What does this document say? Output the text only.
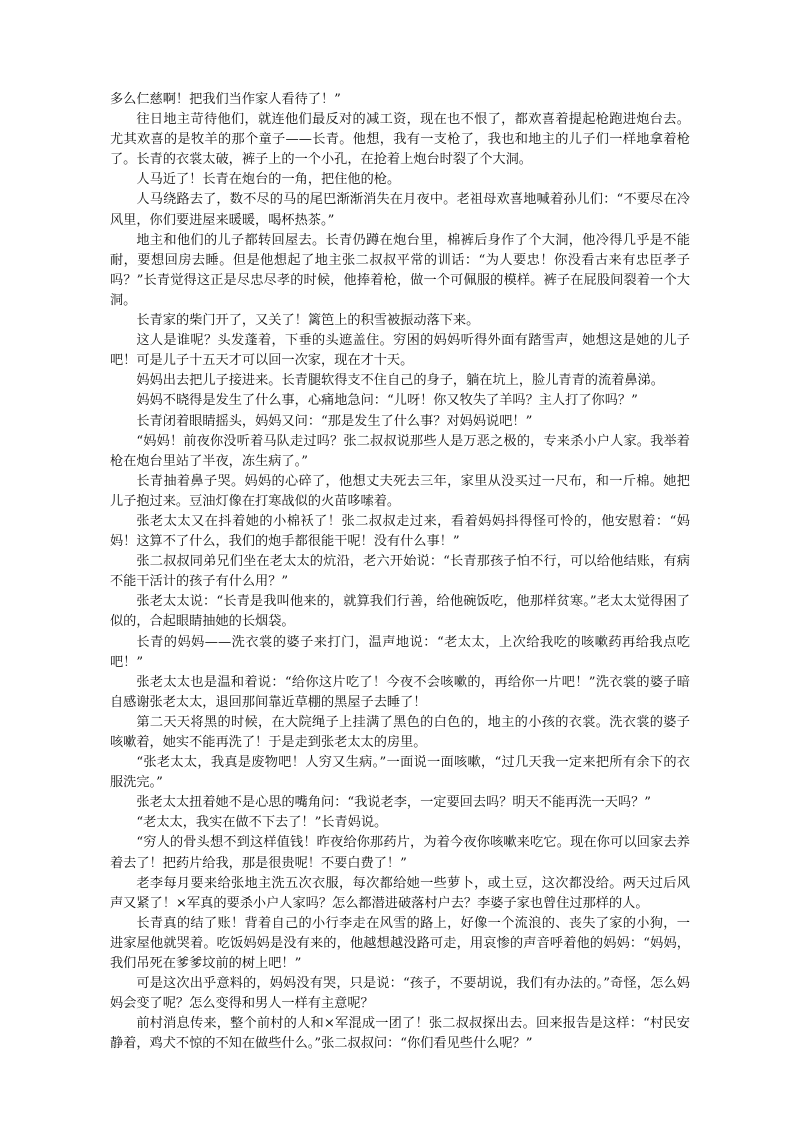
多么仁慈啊！把我们当作家人看待了！”

往日地主苛待他们，就连他们最反对的减工资，现在也不恨了，都欢喜着提起枪跑进炮台去。尤其欢喜的是牧羊的那个童子——长青。他想，我有一支枪了，我也和地主的儿子们一样地拿着枪了。长青的衣裳太破，裤子上的一个小孔，在抢着上炮台时裂了个大洞。

人马近了！长青在炮台的一角，把住他的枪。

人马绕路去了，数不尽的马的尾巴渐渐消失在月夜中。老祖母欢喜地喊着孙儿们：“不要尽在冷风里，你们要进屋来暖暖，喝杯热茶。”

地主和他们的儿子都转回屋去。长青仍蹲在炮台里，棉裤后身作了个大洞，他冷得几乎是不能耐，要想回房去睡。但是他想起了地主张二叔叔平常的训话：“为人要忠！你没看古来有忠臣孝子吗？”长青觉得这正是尽忠尽孝的时候，他捧着枪，做一个可佩服的模样。裤子在屁股间裂着一个大洞。

长青家的柴门开了，又关了！篱笆上的积雪被振动落下来。

这人是谁呢？头发蓬着，下垂的头遮盖住。穷困的妈妈听得外面有踏雪声，她想这是她的儿子吧！可是儿子十五天才可以回一次家，现在才十天。

妈妈出去把儿子接进来。长青腿软得支不住自己的身子，躺在坑上，脸儿青青的流着鼻涕。

妈妈不晓得是发生了什么事，心痛地急问：“儿呀！你又牧失了羊吗？主人打了你吗？”

长青闭着眼睛摇头，妈妈又问：“那是发生了什么事？对妈妈说吧！”

“妈妈！前夜你没听着马队走过吗？张二叔叔说那些人是万恶之极的，专来杀小户人家。我举着枪在炮台里站了半夜，冻生病了。”

长青抽着鼻子哭。妈妈的心碎了，他想丈夫死去三年，家里从没买过一尺布，和一斤棉。她把儿子抱过来。豆油灯像在打寒战似的火苗哆嗦着。

张老太太又在抖着她的小棉袄了！张二叔叔走过来，看着妈妈抖得怪可怜的，他安慰着：“妈妈！这算不了什么，我们的炮手都很能干呢！没有什么事！”

张二叔叔同弟兄们坐在老太太的炕沿，老六开始说：“长青那孩子怕不行，可以给他结账，有病不能干活计的孩子有什么用？”

张老太太说：“长青是我叫他来的，就算我们行善，给他碗饭吃，他那样贫寒。”老太太觉得困了似的，合起眼睛抽她的长烟袋。

长青的妈妈——洗衣裳的婆子来打门，温声地说：“老太太，上次给我吃的咳嗽药再给我点吃吧！”

张老太太也是温和着说：“给你这片吃了！今夜不会咳嗽的，再给你一片吧！”洗衣裳的婆子暗自感谢张老太太，退回那间靠近草棚的黑屋子去睡了！

第二天天将黑的时候，在大院绳子上挂满了黑色的白色的，地主的小孩的衣裳。洗衣裳的婆子咳嗽着，她实不能再洗了！于是走到张老太太的房里。

“张老太太，我真是废物吧！人穷又生病。”一面说一面咳嗽，“过几天我一定来把所有余下的衣服洗完。”

张老太太扭着她不是心思的嘴角问：“我说老李，一定要回去吗？明天不能再洗一天吗？”

“老太太，我实在做不下去了！”长青妈说。

“穷人的骨头想不到这样值钱！昨夜给你那药片，为着今夜你咳嗽来吃它。现在你可以回家去养着去了！把药片给我，那是很贵呢！不要白费了！”

老李每月要来给张地主洗五次衣服，每次都给她一些萝卜，或土豆，这次都没给。两天过后风声又紧了！×军真的要杀小户人家吗？怎么都潜进破落村户去？李婆子家也曾住过那样的人。

长青真的结了账！背着自己的小行李走在风雪的路上，好像一个流浪的、丧失了家的小狗，一进家屋他就哭着。吃饭妈妈是没有来的，他越想越没路可走，用哀惨的声音呼着他的妈妈：“妈妈，我们吊死在爹爹坟前的树上吧！”

可是这次出乎意料的，妈妈没有哭，只是说：“孩子，不要胡说，我们有办法的。”奇怪，怎么妈妈会变了呢？怎么变得和男人一样有主意呢？

前村消息传来，整个前村的人和×军混成一团了！张二叔叔探出去。回来报告是这样：“村民安静着，鸡犬不惊的不知在做些什么。”张二叔叔问：“你们看见些什么呢？”
